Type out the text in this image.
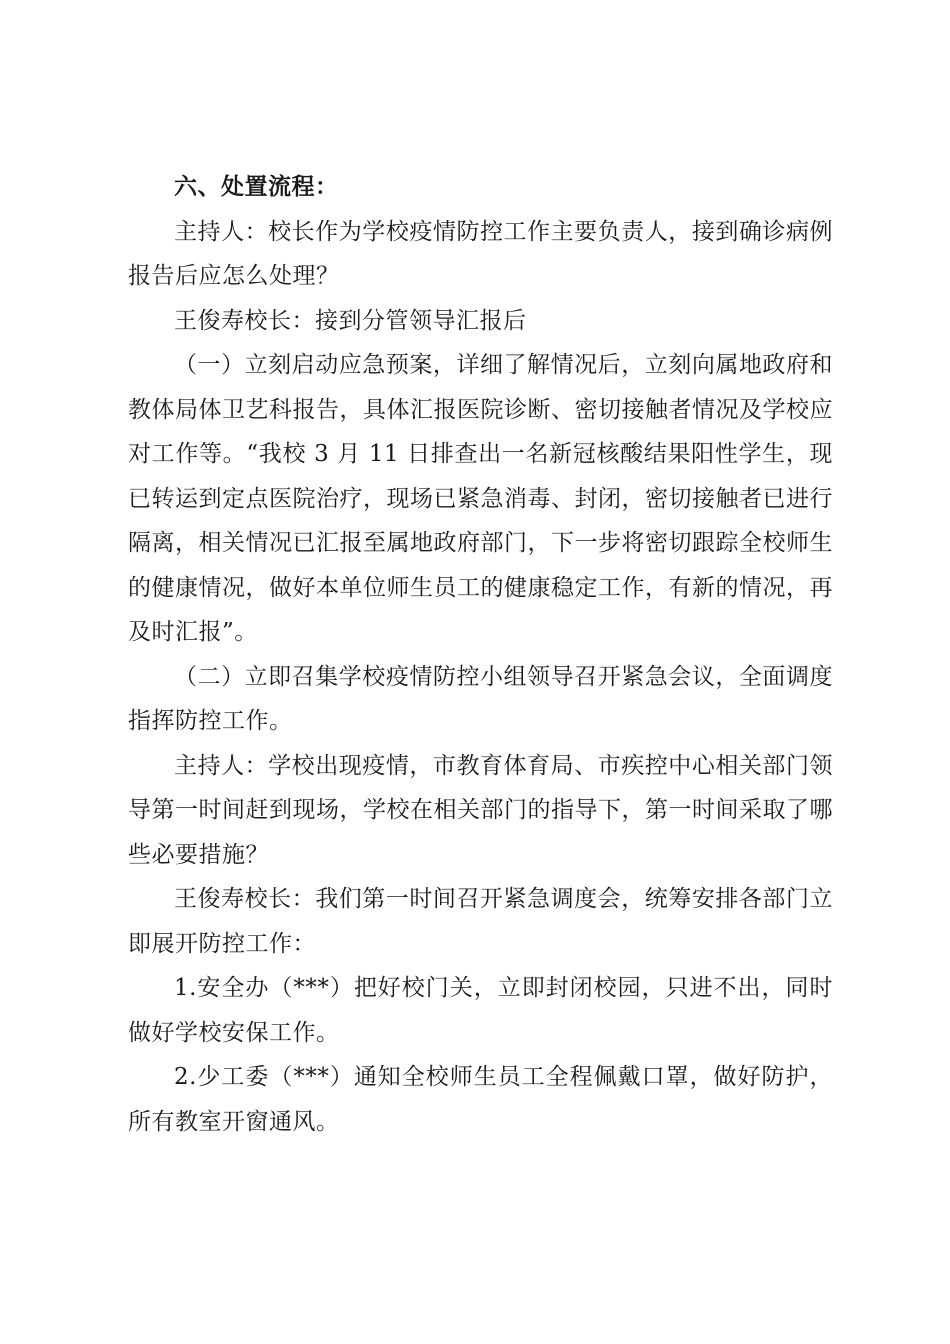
六、处置流程：

主持人：校长作为学校疫情防控工作主要负责人，接到确诊病例报告后应怎么处理？

王俊寿校长：接到分管领导汇报后

（一）立刻启动应急预案，详细了解情况后，立刻向属地政府和教体局体卫艺科报告，具体汇报医院诊断、密切接触者情况及学校应对工作等。“我校 3 月 11 日排查出一名新冠核酸结果阳性学生，现已转运到定点医院治疗，现场已紧急消毒、封闭，密切接触者已进行隔离，相关情况已汇报至属地政府部门，下一步将密切跟踪全校师生的健康情况，做好本单位师生员工的健康稳定工作，有新的情况，再及时汇报”。

（二）立即召集学校疫情防控小组领导召开紧急会议，全面调度指挥防控工作。

主持人：学校出现疫情，市教育体育局、市疾控中心相关部门领导第一时间赶到现场，学校在相关部门的指导下，第一时间采取了哪些必要措施？

王俊寿校长：我们第一时间召开紧急调度会，统筹安排各部门立即展开防控工作：

1.安全办（***）把好校门关，立即封闭校园，只进不出，同时做好学校安保工作。

2.少工委（***）通知全校师生员工全程佩戴口罩，做好防护，所有教室开窗通风。
